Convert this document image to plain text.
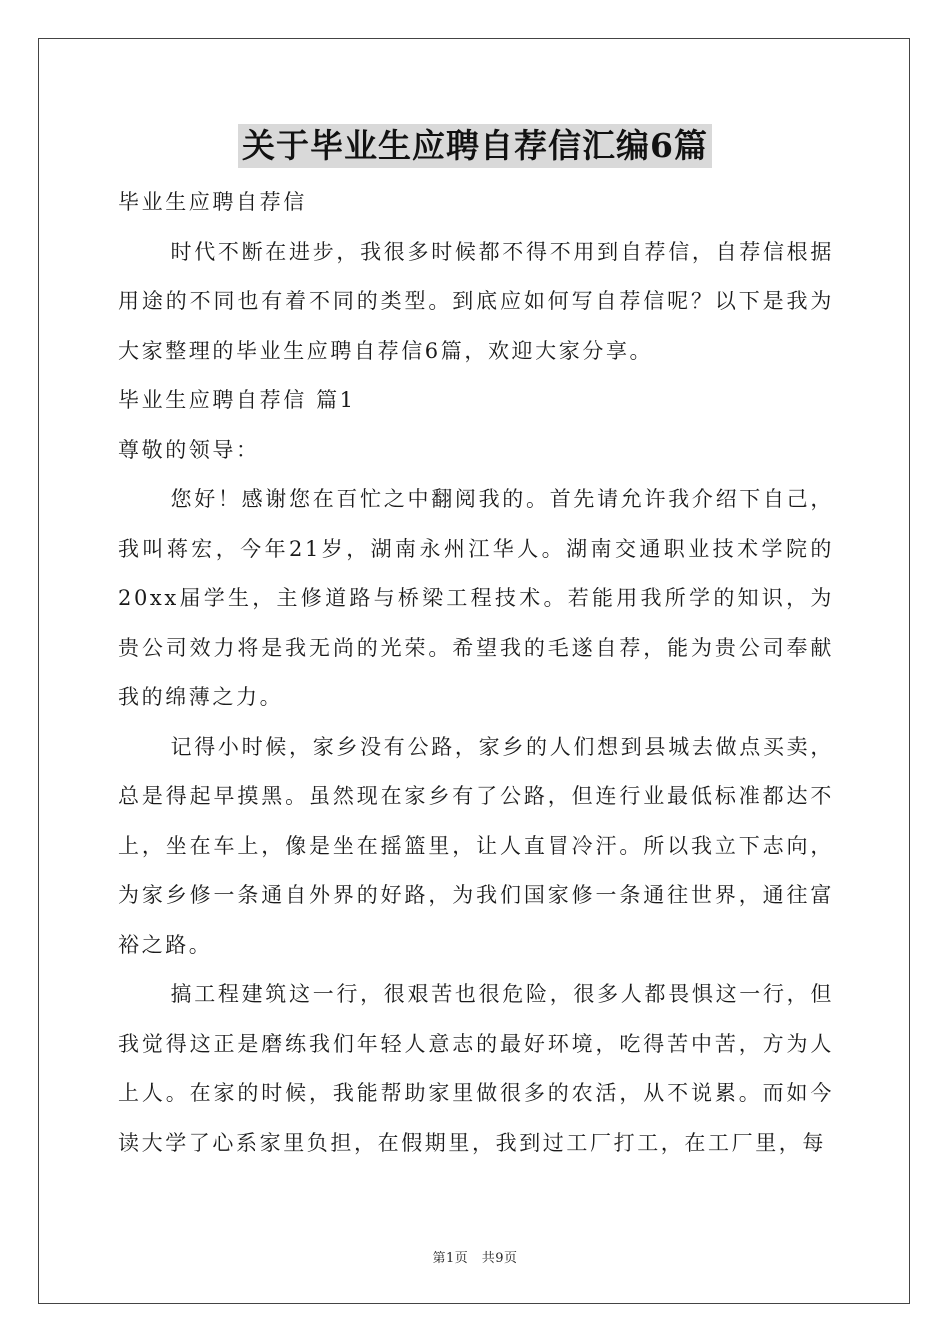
关于毕业生应聘自荐信汇编6篇

毕业生应聘自荐信

时代不断在进步，我很多时候都不得不用到自荐信，自荐信根据用途的不同也有着不同的类型。到底应如何写自荐信呢？以下是我为大家整理的毕业生应聘自荐信6篇，欢迎大家分享。

毕业生应聘自荐信 篇1

尊敬的领导：

您好！感谢您在百忙之中翻阅我的。首先请允许我介绍下自己，我叫蒋宏，今年21岁，湖南永州江华人。湖南交通职业技术学院的20xx届学生，主修道路与桥梁工程技术。若能用我所学的知识，为贵公司效力将是我无尚的光荣。希望我的毛遂自荐，能为贵公司奉献我的绵薄之力。

记得小时候，家乡没有公路，家乡的人们想到县城去做点买卖，总是得起早摸黑。虽然现在家乡有了公路，但连行业最低标准都达不上，坐在车上，像是坐在摇篮里，让人直冒冷汗。所以我立下志向，为家乡修一条通自外界的好路，为我们国家修一条通往世界，通往富裕之路。

搞工程建筑这一行，很艰苦也很危险，很多人都畏惧这一行，但我觉得这正是磨练我们年轻人意志的最好环境，吃得苦中苦，方为人上人。在家的时候，我能帮助家里做很多的农活，从不说累。而如今读大学了心系家里负担，在假期里，我到过工厂打工，在工厂里，每

第1页　共9页
